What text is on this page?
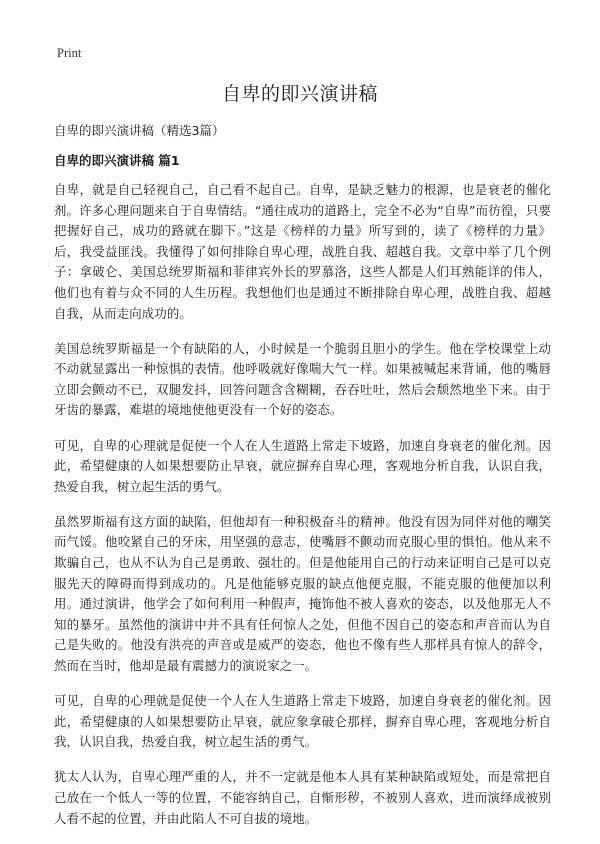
Print
自卑的即兴演讲稿

自卑的即兴演讲稿（精选3篇）

自卑的即兴演讲稿 篇1

自卑，就是自己轻视自己，自己看不起自己。自卑，是缺乏魅力的根源，也是衰老的催化剂。许多心理问题来自于自卑情结。“通往成功的道路上，完全不必为“自卑”而彷徨，只要把握好自己，成功的路就在脚下。”这是《榜样的力量》所写到的，读了《榜样的力量》后，我受益匪浅。我懂得了如何排除自卑心理，战胜自我、超越自我。文章中举了几个例子：拿破仑、美国总统罗斯福和菲律宾外长的罗慕洛，这些人都是人们耳熟能详的伟人，他们也有着与众不同的人生历程。我想他们也是通过不断排除自卑心理，战胜自我、超越自我，从而走向成功的。

美国总统罗斯福是一个有缺陷的人，小时候是一个脆弱且胆小的学生。他在学校课堂上动不动就显露出一种惊惧的表情。他呼吸就好像喘大气一样。如果被喊起来背诵，他的嘴唇立即会颤动不已，双腿发抖，回答问题含含糊糊，吞吞吐吐，然后会颓然地坐下来。由于牙齿的暴露，难堪的境地使他更没有一个好的姿态。

可见，自卑的心理就是促使一个人在人生道路上常走下坡路，加速自身衰老的催化剂。因此，希望健康的人如果想要防止早衰，就应摒弃自卑心理，客观地分析自我，认识自我，热爱自我，树立起生活的勇气。

虽然罗斯福有这方面的缺陷，但他却有一种积极奋斗的精神。他没有因为同伴对他的嘲笑而气馁。他咬紧自己的牙床，用坚强的意志，使嘴唇不颤动而克服心里的惧怕。他从来不欺骗自己，也从不认为自己是勇敢、强壮的。但是他能用自己的行动来证明自己是可以克服先天的障碍而得到成功的。凡是他能够克服的缺点他便克服，不能克服的他便加以利用。通过演讲，他学会了如何利用一种假声，掩饰他不被人喜欢的姿态，以及他那无人不知的暴牙。虽然他的演讲中并不具有任何惊人之处，但他不因自己的姿态和声音而认为自己是失败的。他没有洪亮的声音或是威严的姿态，他也不像有些人那样具有惊人的辞令，然而在当时，他却是最有震撼力的演说家之一。

可见，自卑的心理就是促使一个人在人生道路上常走下坡路，加速自身衰老的催化剂。因此，希望健康的人如果想要防止早衰，就应象拿破仑那样，摒弃自卑心理，客观地分析自我，认识自我，热爱自我，树立起生活的勇气。

犹太人认为，自卑心理严重的人，并不一定就是他本人具有某种缺陷或短处，而是常把自己放在一个低人一等的位置，不能容纳自己，自惭形秽，不被别人喜欢，进而演绎成被别人看不起的位置，并由此陷人不可自拔的境地。
